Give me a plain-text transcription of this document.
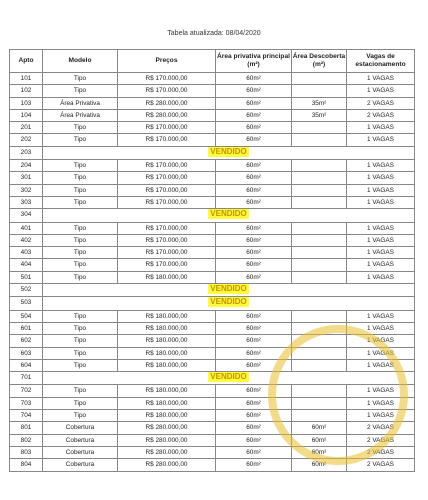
Tabela atualizada: 08/04/2020
Apto	Modelo	Preços	Área privativa principal (m²)	Área Descoberta (m²)	Vagas de estacionamento
101	Tipo	R$ 170.000,00	60m²		1 VAGAS
102	Tipo	R$ 170.000,00	60m²		1 VAGAS
103	Área Privativa	R$ 280.000,00	60m²	35m²	2 VAGAS
104	Área Privativa	R$ 280.000,00	60m²	35m²	2 VAGAS
201	Tipo	R$ 170.000,00	60m²		1 VAGAS
202	Tipo	R$ 170.000,00	60m²		1 VAGAS
203	VENDIDO				
204	Tipo	R$ 170.000,00	60m²		1 VAGAS
301	Tipo	R$ 170.000,00	60m²		1 VAGAS
302	Tipo	R$ 170.000,00	60m²		1 VAGAS
303	Tipo	R$ 170.000,00	60m²		1 VAGAS
304	VENDIDO				
401	Tipo	R$ 170.000,00	60m²		1 VAGAS
402	Tipo	R$ 170.000,00	60m²		1 VAGAS
403	Tipo	R$ 170.000,00	60m²		1 VAGAS
404	Tipo	R$ 170.000,00	60m²		1 VAGAS
501	Tipo	R$ 180.000,00	60m²		1 VAGAS
502	VENDIDO				
503	VENDIDO				
504	Tipo	R$ 180.000,00	60m²		1 VAGAS
601	Tipo	R$ 180.000,00	60m²		1 VAGAS
602	Tipo	R$ 180.000,00	60m²		1 VAGAS
603	Tipo	R$ 180.000,00	60m²		1 VAGAS
604	Tipo	R$ 180.000,00	60m²		1 VAGAS
701	VENDIDO				
702	Tipo	R$ 180.000,00	60m²		1 VAGAS
703	Tipo	R$ 180.000,00	60m²		1 VAGAS
704	Tipo	R$ 180.000,00	60m²		1 VAGAS
801	Cobertura	R$ 280.000,00	60m²	60m²	2 VAGAS
802	Cobertura	R$ 280.000,00	60m²	60m²	2 VAGAS
803	Cobertura	R$ 280.000,00	60m²	60m²	2 VAGAS
804	Cobertura	R$ 280.000,00	60m²	60m²	2 VAGAS
